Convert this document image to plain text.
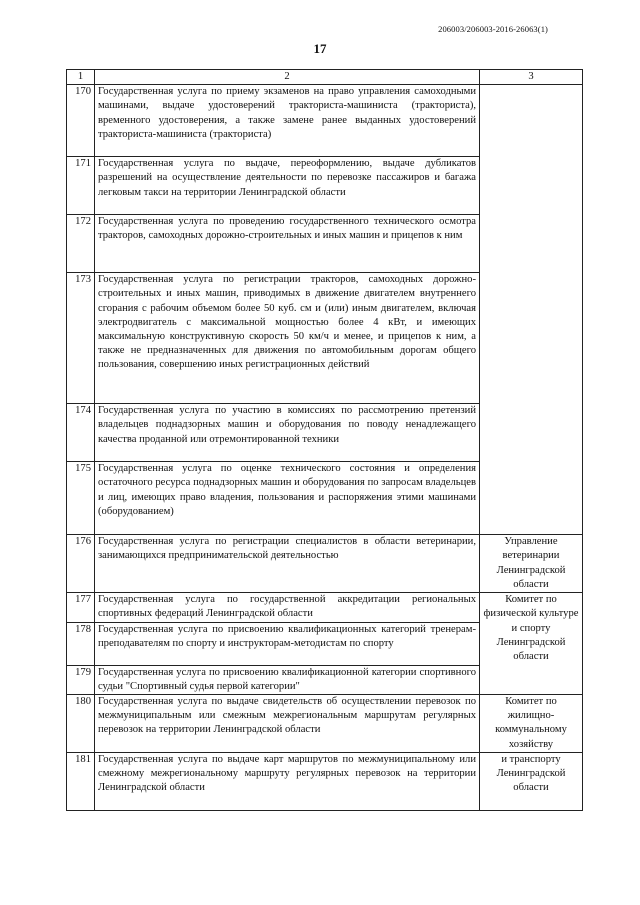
206003/206003-2016-26063(1)
17
1	2	3
170	Государственная услуга по приему экзаменов на право управления самоходными машинами, выдаче удостоверений тракториста-машиниста (тракториста), временного удостоверения, а также замене ранее выданных удостоверений тракториста-машиниста (тракториста)	
171	Государственная услуга по выдаче, переоформлению, выдаче дубликатов разрешений на осуществление деятельности по перевозке пассажиров и багажа легковым такси на территории Ленинградской области	
172	Государственная услуга по проведению государственного технического осмотра тракторов, самоходных дорожно-строительных и иных машин и прицепов к ним	
173	Государственная услуга по регистрации тракторов, самоходных дорожно-строительных и иных машин, приводимых в движение двигателем внутреннего сгорания с рабочим объемом более 50 куб. см и (или) иным двигателем, включая электродвигатель с максимальной мощностью более 4 кВт, и имеющих максимальную конструктивную скорость 50 км/ч и менее, и прицепов к ним, а также не предназначенных для движения по автомобильным дорогам общего пользования, совершению иных регистрационных действий	
174	Государственная услуга по участию в комиссиях по рассмотрению претензий владельцев поднадзорных машин и оборудования по поводу ненадлежащего качества проданной или отремонтированной техники	
175	Государственная услуга по оценке технического состояния и определения остаточного ресурса поднадзорных машин и оборудования по запросам владельцев и лиц, имеющих право владения, пользования и распоряжения этими машинами (оборудованием)	
176	Государственная услуга по регистрации специалистов в области ветеринарии, занимающихся предпринимательской деятельностью	Управление ветеринарии Ленинградской области
177	Государственная услуга по государственной аккредитации региональных спортивных федераций Ленинградской области	Комитет по физической культуре и спорту Ленинградской области
178	Государственная услуга по присвоению квалификационных категорий тренерам-преподавателям по спорту и инструкторам-методистам по спорту	
179	Государственная услуга по присвоению квалификационной категории спортивного судьи "Спортивный судья первой категории"	
180	Государственная услуга по выдаче свидетельств об осуществлении перевозок по межмуниципальным или смежным межрегиональным маршрутам регулярных перевозок на территории Ленинградской области	Комитет по жилищно-коммунальному хозяйству
181	Государственная услуга по выдаче карт маршрутов по межмуниципальному или смежному межрегиональному маршруту регулярных перевозок на территории Ленинградской области	и транспорту Ленинградской области
